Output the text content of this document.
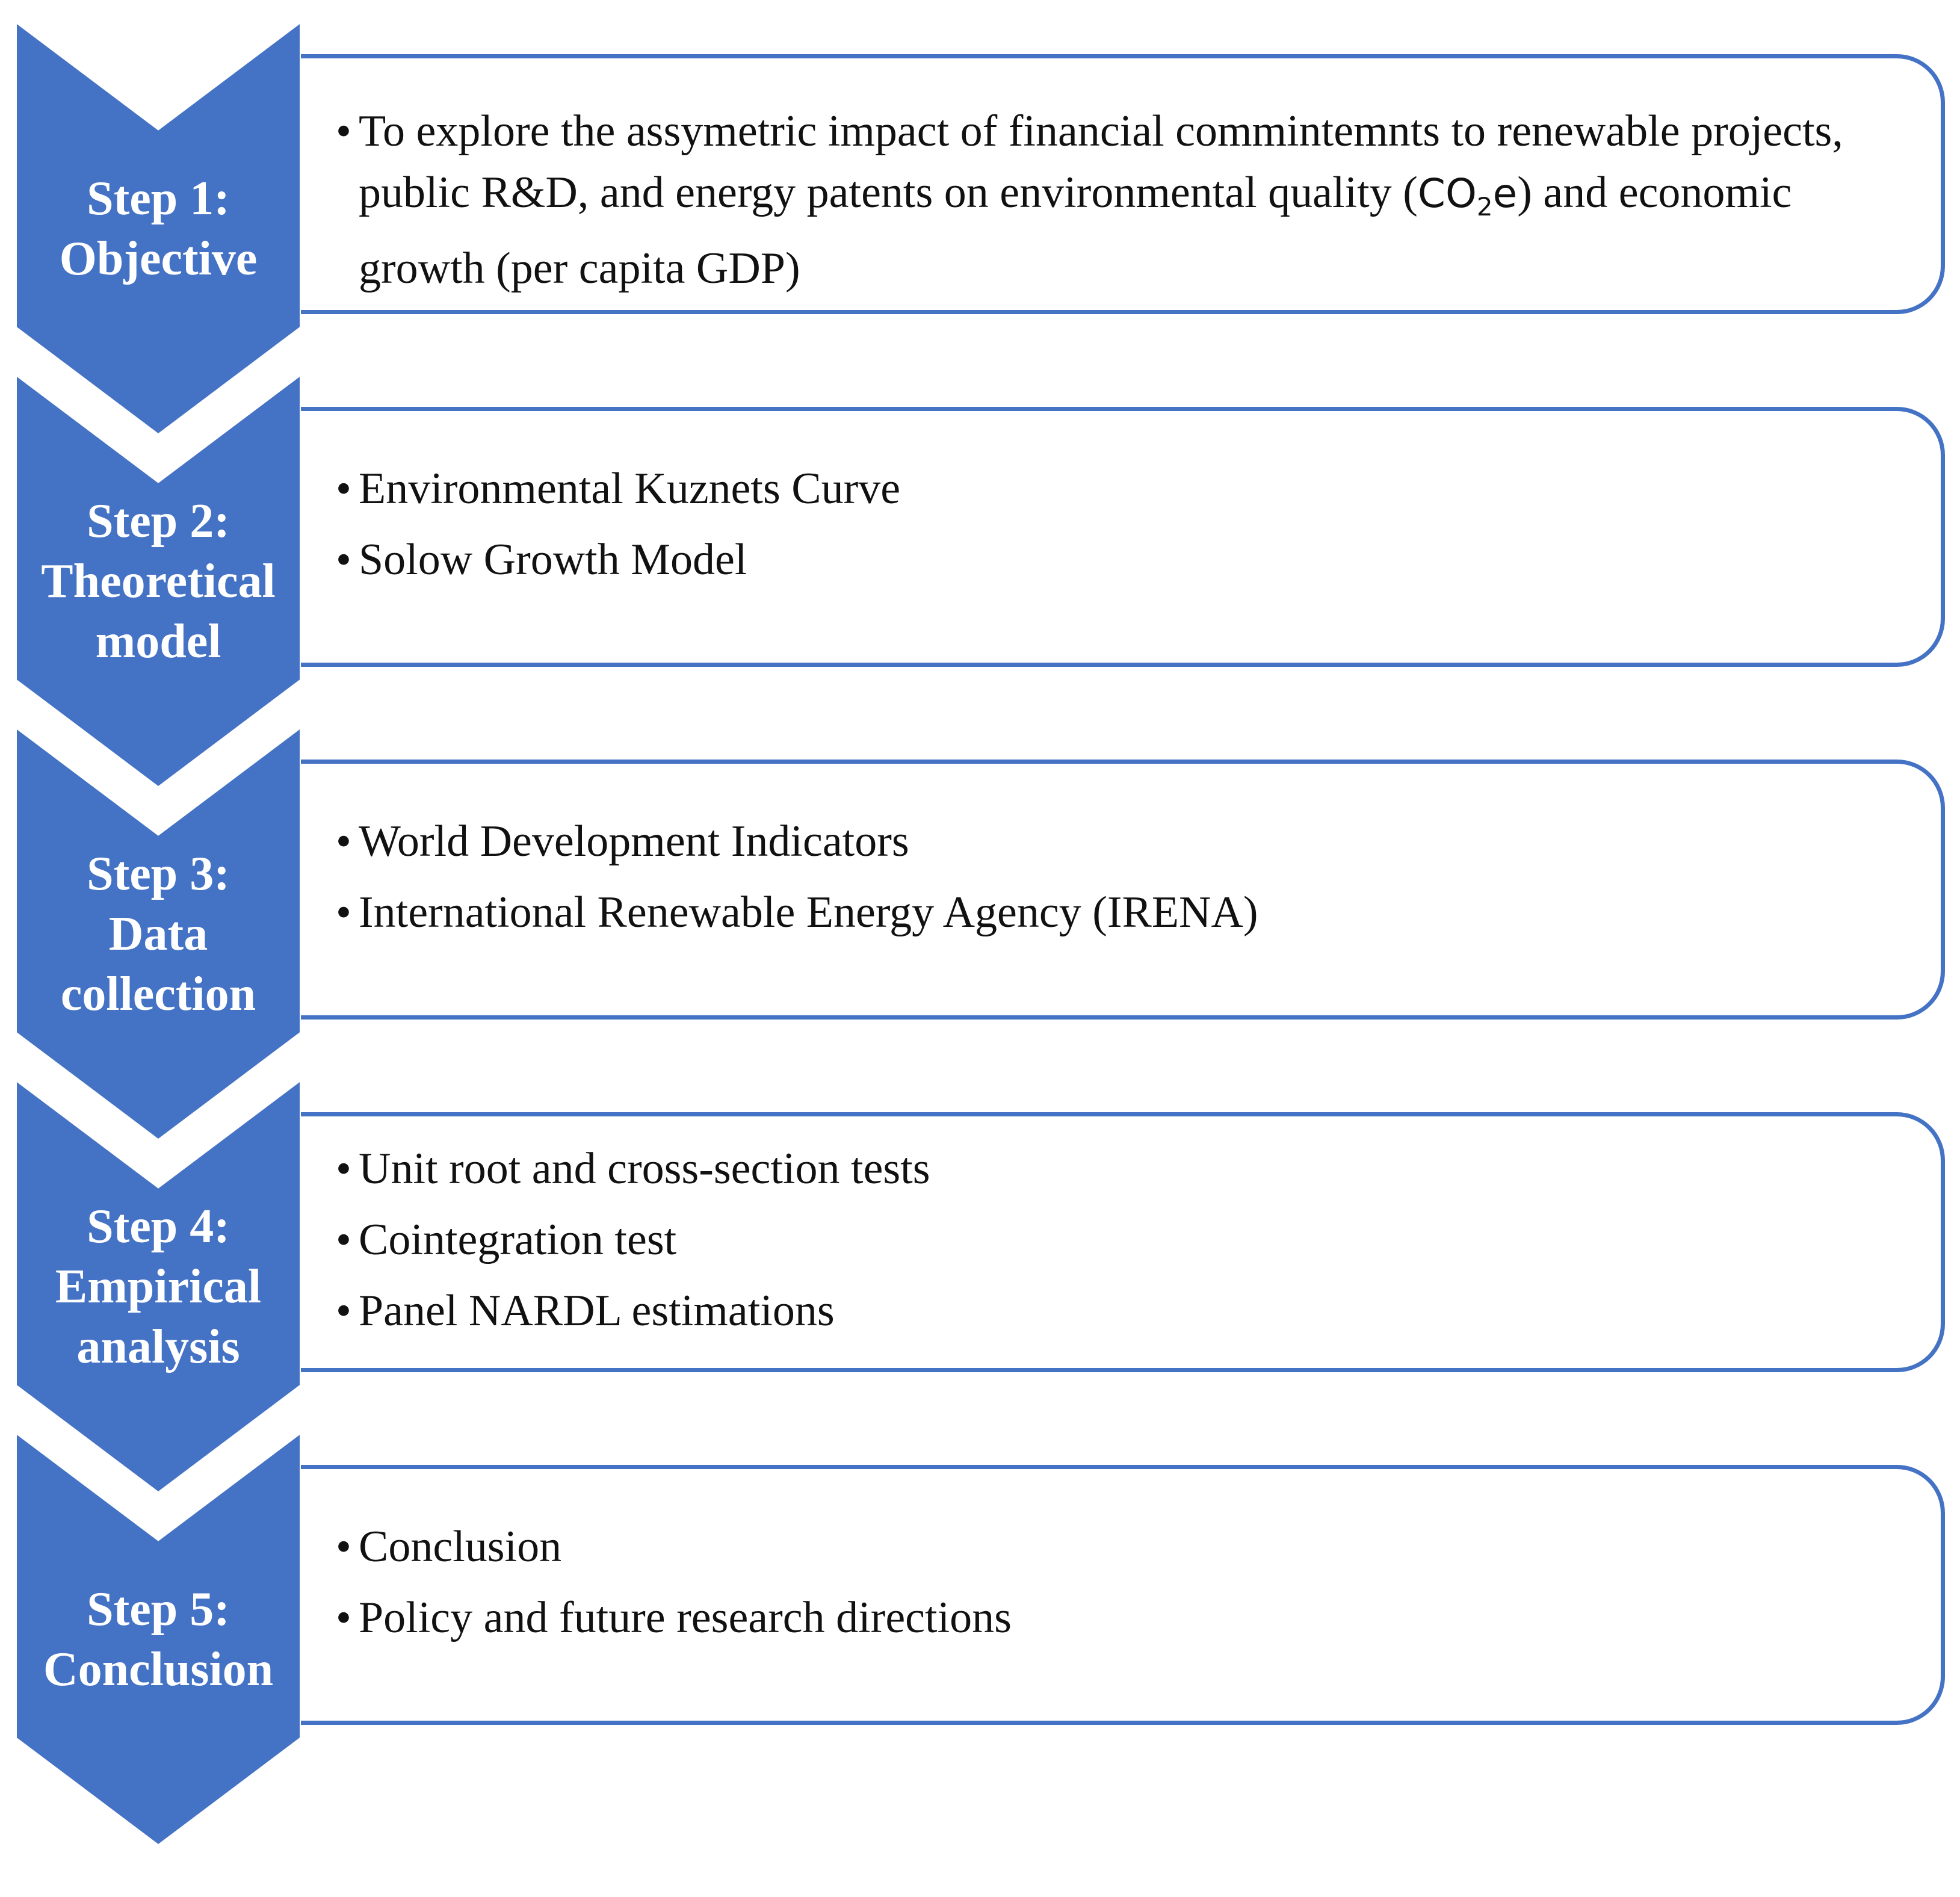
Step 1:
Objective
• To explore the assymetric impact of financial commintemnts to renewable projects, public R&D, and energy patents on environmental quality $(CO_2e)$ and economic growth (per capita GDP)
Step 2:
Theoretical
model
• Environmental Kuznets Curve
• Solow Growth Model
Step 3:
Data
collection
• World Development Indicators
• International Renewable Energy Agency (IRENA)
Step 4:
Empirical
analysis
• Unit root and cross-section tests
• Cointegration test
• Panel NARDL estimations
Step 5:
Conclusion
• Conclusion
• Policy and future research directions
